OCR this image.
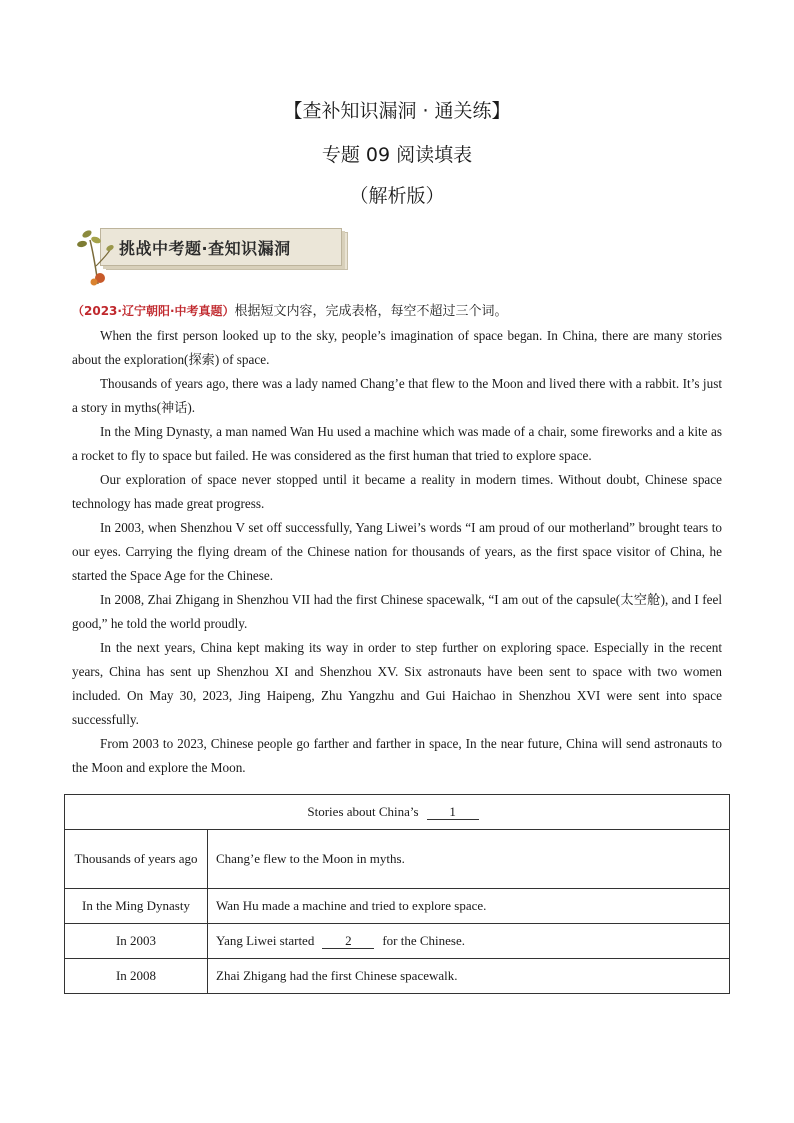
【查补知识漏洞 · 通关练】
专题 09 阅读填表
（解析版）
挑战中考题·查知识漏洞
（2023·辽宁朝阳·中考真题）根据短文内容，完成表格，每空不超过三个词。

When the first person looked up to the sky, people’s imagination of space began. In China, there are many stories about the exploration(探索) of space.

Thousands of years ago, there was a lady named Chang’e that flew to the Moon and lived there with a rabbit. It’s just a story in myths(神话).

In the Ming Dynasty, a man named Wan Hu used a machine which was made of a chair, some fireworks and a kite as a rocket to fly to space but failed. He was considered as the first human that tried to explore space.

Our exploration of space never stopped until it became a reality in modern times. Without doubt, Chinese space technology has made great progress.

In 2003, when Shenzhou V set off successfully, Yang Liwei’s words “I am proud of our motherland” brought tears to our eyes. Carrying the flying dream of the Chinese nation for thousands of years, as the first space visitor of China, he started the Space Age for the Chinese.

In 2008, Zhai Zhigang in Shenzhou VII had the first Chinese spacewalk, “I am out of the capsule(太空舱), and I feel good,” he told the world proudly.

In the next years, China kept making its way in order to step further on exploring space. Especially in the recent years, China has sent up Shenzhou XI and Shenzhou XV. Six astronauts have been sent to space with two women included. On May 30, 2023, Jing Haipeng, Zhu Yangzhu and Gui Haichao in Shenzhou XVI were sent into space successfully.

From 2003 to 2023, Chinese people go farther and farther in space, In the near future, China will send astronauts to the Moon and explore the Moon.

Stories about China’s 1	
Thousands of years ago	Chang’e flew to the Moon in myths.
In the Ming Dynasty	Wan Hu made a machine and tried to explore space.
In 2003	Yang Liwei started 2 for the Chinese.
In 2008	Zhai Zhigang had the first Chinese spacewalk.
